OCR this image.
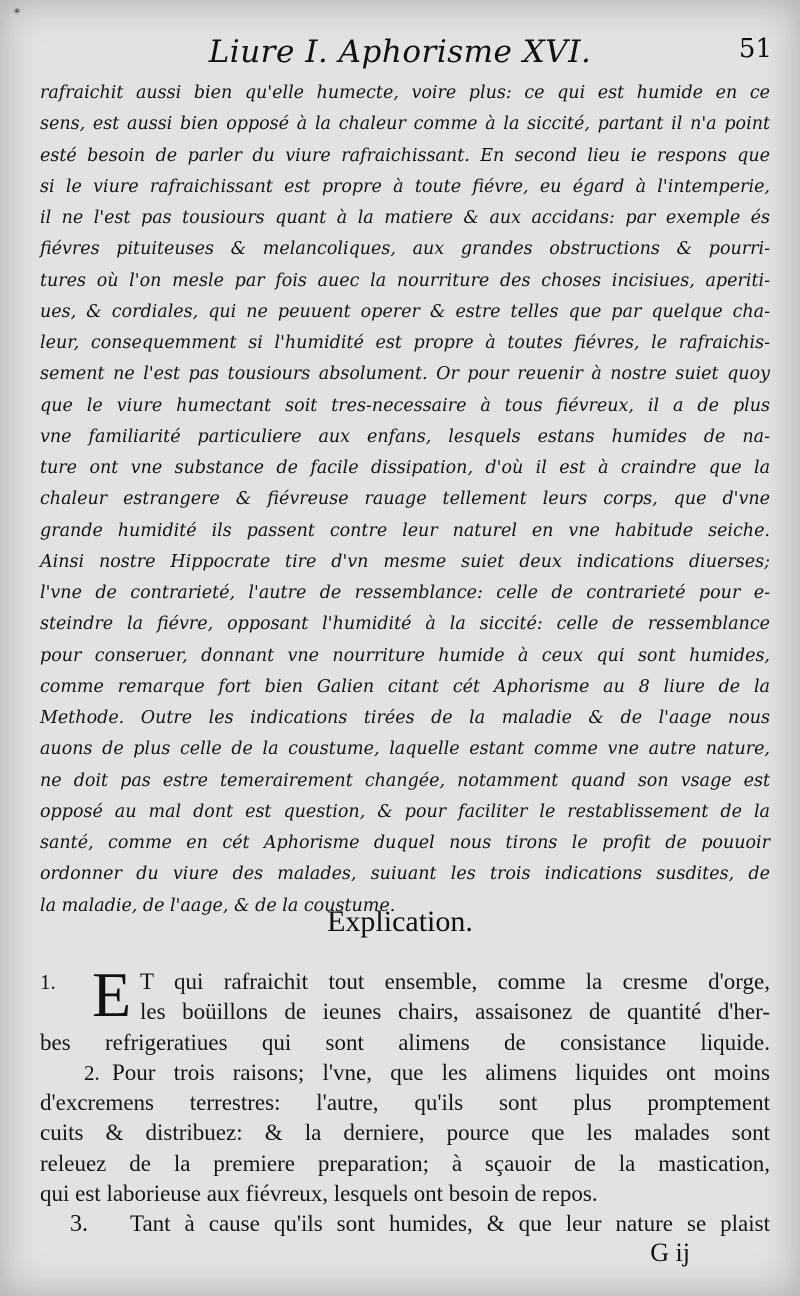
*
Liure I. Aphorisme XVI.	51
rafraichit aussi bien qu'elle humecte, voire plus: ce qui est humide en ce
sens, est aussi bien opposé à la chaleur comme à la siccité, partant il n'a point
esté besoin de parler du viure rafraichissant. En second lieu ie respons que
si le viure rafraichissant est propre à toute fiévre, eu égard à l'intemperie,
il ne l'est pas tousiours quant à la matiere & aux accidans: par exemple és
fiévres pituiteuses & melancoliques, aux grandes obstructions & pourri-
tures où l'on mesle par fois auec la nourriture des choses incisiues, aperiti-
ues, & cordiales, qui ne peuuent operer & estre telles que par quelque cha-
leur, consequemment si l'humidité est propre à toutes fiévres, le rafraichis-
sement ne l'est pas tousiours absolument. Or pour reuenir à nostre suiet quoy
que le viure humectant soit tres-necessaire à tous fiévreux, il a de plus
vne familiarité particuliere aux enfans, lesquels estans humides de na-
ture ont vne substance de facile dissipation, d'où il est à craindre que la
chaleur estrangere & fiévreuse rauage tellement leurs corps, que d'vne
grande humidité ils passent contre leur naturel en vne habitude seiche.
Ainsi nostre Hippocrate tire d'vn mesme suiet deux indications diuerses;
l'vne de contrarieté, l'autre de ressemblance: celle de contrarieté pour e-
steindre la fiévre, opposant l'humidité à la siccité: celle de ressemblance
pour conseruer, donnant vne nourriture humide à ceux qui sont humides,
comme remarque fort bien Galien citant cét Aphorisme au 8 liure de la
Methode. Outre les indications tirées de la maladie & de l'aage nous
auons de plus celle de la coustume, laquelle estant comme vne autre nature,
ne doit pas estre temerairement changée, notamment quand son vsage est
opposé au mal dont est question, & pour faciliter le restablissement de la
santé, comme en cét Aphorisme duquel nous tirons le profit de pouuoir
ordonner du viure des malades, suiuant les trois indications susdites, de
la maladie, de l'aage, & de la coustume.
Explication.
1. E T qui rafraichit tout ensemble, comme la cresme d'orge,
les boüillons de ieunes chairs, assaisonez de quantité d'her-
bes refrigeratiues qui sont alimens de consistance liquide.
2. Pour trois raisons; l'vne, que les alimens liquides ont moins
d'excremens terrestres: l'autre, qu'ils sont plus promptement
cuits & distribuez: & la derniere, pource que les malades sont
releuez de la premiere preparation; à sçauoir de la mastication,
qui est laborieuse aux fiévreux, lesquels ont besoin de repos.
3. Tant à cause qu'ils sont humides, & que leur nature se plaist
G ij
